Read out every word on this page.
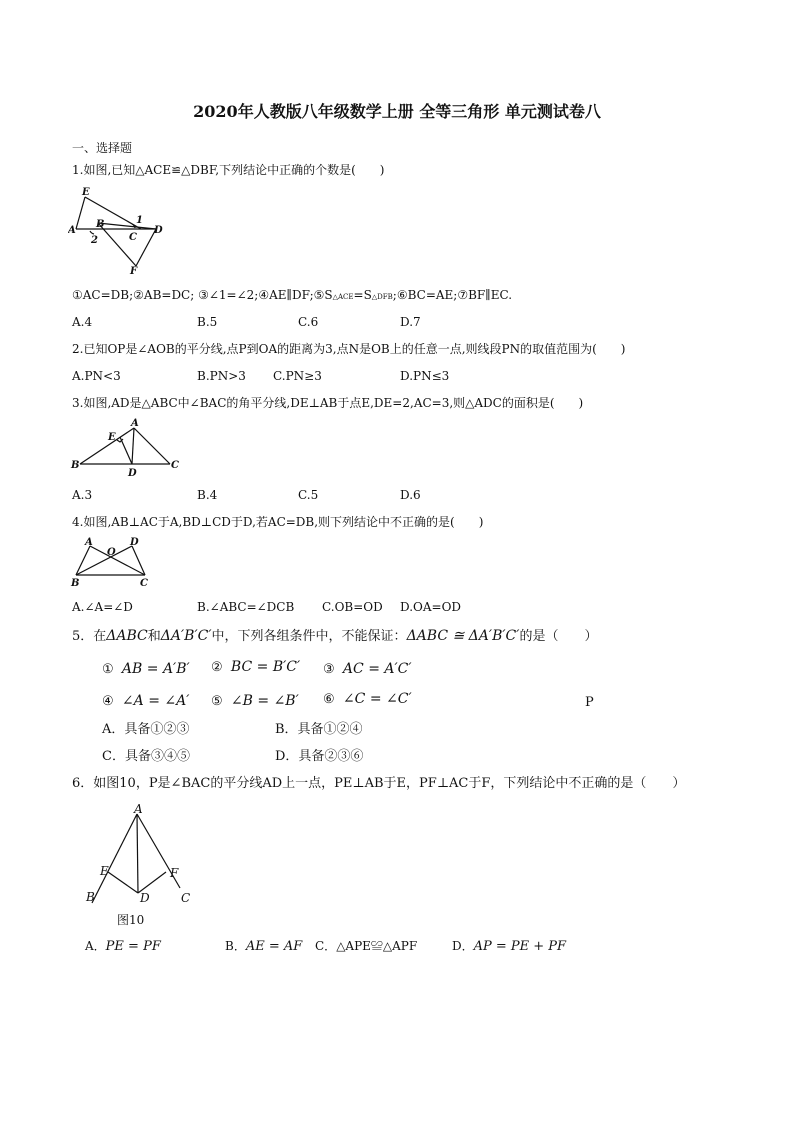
2020年人教版八年级数学上册 全等三角形 单元测试卷八
一、选择题
1.如图,已知△ACE≌△DBF,下列结论中正确的个数是(　　)
E
A
B
C
D
F
1
2
①AC=DB;②AB=DC; ③∠1=∠2;④AE∥DF;⑤S△ACE=S△DFB;⑥BC=AE;⑦BF∥EC.
A.4	B.5	C.6	D.7
2.已知OP是∠AOB的平分线,点P到OA的距离为3,点N是OB上的任意一点,则线段PN的取值范围为(　　)
A.PN<3	B.PN>3 C.PN≥3	D.PN≤3
3.如图,AD是△ABC中∠BAC的角平分线,DE⊥AB于点E,DE=2,AC=3,则△ADC的面积是(　　)
A
E
B	C
D
A.3	B.4	C.5	D.6
4.如图,AB⊥AC于A,BD⊥CD于D,若AC=DB,则下列结论中不正确的是(　　)
A	D
O
B	C
A.∠A=∠D	B.∠ABC=∠DCB C.OB=OD D.OA=OD
5．在ΔABC和ΔA′B′C′中，下列各组条件中，不能保证：ΔABC ≅ ΔA′B′C′的是（　　）
① AB = A′B′ ② BC = B′C′ ③ AC = A′C′
④ ∠A = ∠A′ ⑤ ∠B = ∠B′ ⑥ ∠C = ∠C′	P
A．具备①②③	B．具备①②④
C．具备③④⑤	D．具备②③⑥
6．如图10，P是∠BAC的平分线AD上一点，PE⊥AB于E，PF⊥AC于F，下列结论中不正确的是（　　）
A
E	F
B	D	C
图10
A．PE = PF	B．AE = AF C．△APE≌△APF	D．AP = PE + PF
